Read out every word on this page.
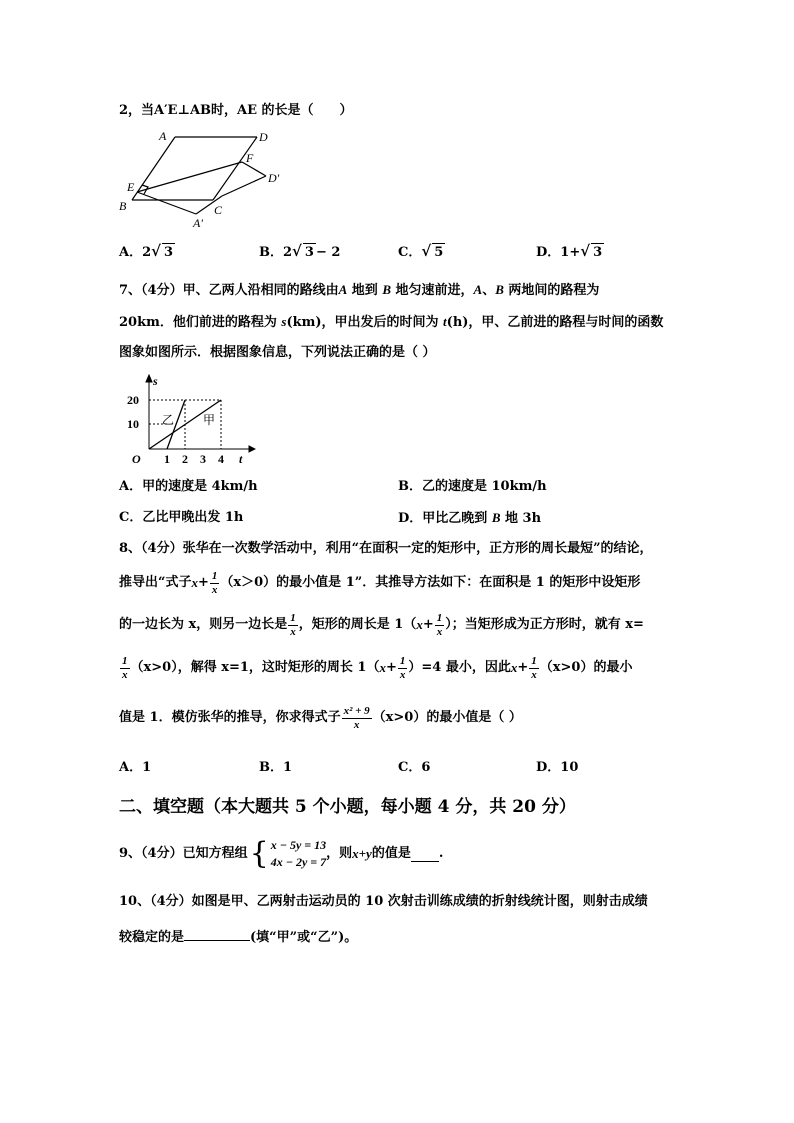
2，当A′E⊥AB时，AE 的长是（　　）
A	D
F
D′
E
B
A′
C
A．2√ 3	B．2√ 3 − 2	C．√ 5	D．1+√ 3
7、（4分）甲、乙两人沿相同的路线由A 地到 B 地匀速前进，A、B 两地间的路程为
20km．他们前进的路程为 s(km)，甲出发后的时间为 t(h)，甲、乙前进的路程与时间的函数
图象如图所示．根据图象信息，下列说法正确的是（ ）
s
t
O
20
10
1 2 3 4
乙 甲
A．甲的速度是 4km/h	B．乙的速度是 10km/h
C．乙比甲晚出发 1h	D．甲比乙晚到 B 地 3h
8、（4分）张华在一次数学活动中，利用“在面积一定的矩形中，正方形的周长最短”的结论，
推导出“式子 $x + \frac{1}{x} (x>0)$的最小值是 1”．其推导方法如下：在面积是 1 的矩形中设矩形
的一边长为 x，则另一边长是 $\frac{1}{x}$ ，矩形的周长是 1（ $x + \frac{1}{x}$ ）；当矩形成为正方形时，就有 x=
$\frac{1}{x} (x>0)$，解得 x=1，这时矩形的周长 1（ $x + \frac{1}{x} )=4$ 最小，因此 $x + \frac{1}{x} (x>0)$的最小
值是 1．模仿张华的推导，你求得式子 $\frac{\text{x² + 9}}{x} (x>0)$的最小值是（ ）
A．1	B．1	C．6	D．10
二、填空题（本大题共 5 个小题，每小题 4 分，共 20 分）
9、（4分）已知方程组 { x − 5y = 13
4x − 2y = 7
，则 x+y 的值是 .
10、（4分）如图是甲、乙两射击运动员的 10 次射击训练成绩的折射线统计图，则射击成绩
较稳定的是	(填“甲”或“乙”)。
